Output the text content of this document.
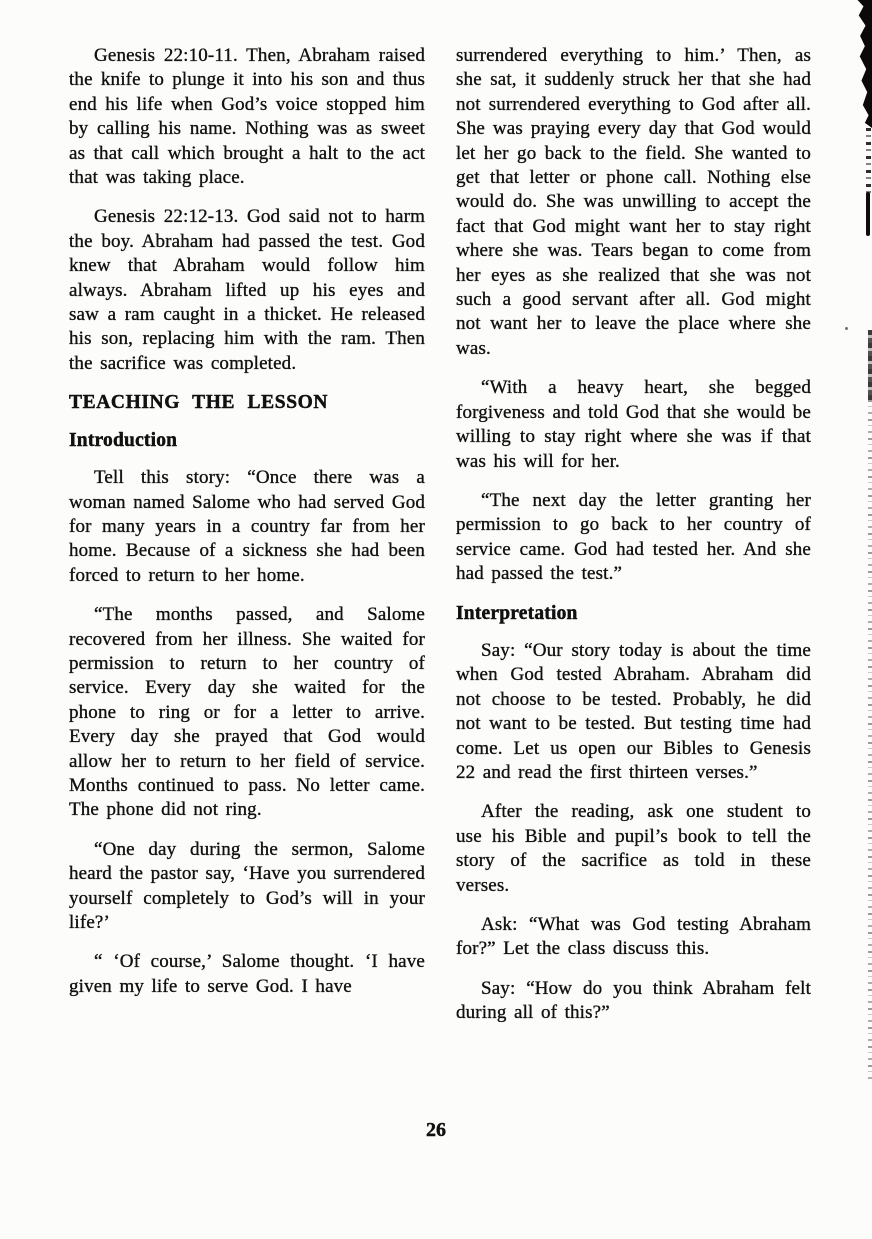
Genesis 22:10-11. Then, Abraham raised the knife to plunge it into his son and thus end his life when God’s voice stopped him by calling his name. Nothing was as sweet as that call which brought a halt to the act that was taking place.

Genesis 22:12-13. God said not to harm the boy. Abraham had passed the test. God knew that Abraham would follow him always. Abraham lifted up his eyes and saw a ram caught in a thicket. He released his son, replacing him with the ram. Then the sacrifice was completed.

TEACHING THE LESSON
Introduction

Tell this story: “Once there was a woman named Salome who had served God for many years in a country far from her home. Because of a sickness she had been forced to return to her home.

“The months passed, and Salome recovered from her illness. She waited for permission to return to her country of service. Every day she waited for the phone to ring or for a letter to arrive. Every day she prayed that God would allow her to return to her field of service. Months continued to pass. No letter came. The phone did not ring.

“One day during the sermon, Salome heard the pastor say, ‘Have you surrendered yourself completely to God’s will in your life?’

“ ‘Of course,’ Salome thought. ‘I have given my life to serve God. I have

surrendered everything to him.’ Then, as she sat, it suddenly struck her that she had not surrendered everything to God after all. She was praying every day that God would let her go back to the field. She wanted to get that letter or phone call. Nothing else would do. She was unwilling to accept the fact that God might want her to stay right where she was. Tears began to come from her eyes as she realized that she was not such a good servant after all. God might not want her to leave the place where she was.

“With a heavy heart, she begged forgiveness and told God that she would be willing to stay right where she was if that was his will for her.

“The next day the letter granting her permission to go back to her country of service came. God had tested her. And she had passed the test.”

Interpretation

Say: “Our story today is about the time when God tested Abraham. Abraham did not choose to be tested. Probably, he did not want to be tested. But testing time had come. Let us open our Bibles to Genesis 22 and read the first thirteen verses.”

After the reading, ask one student to use his Bible and pupil’s book to tell the story of the sacrifice as told in these verses.

Ask: “What was God testing Abraham for?” Let the class discuss this.

Say: “How do you think Abraham felt during all of this?”

26
